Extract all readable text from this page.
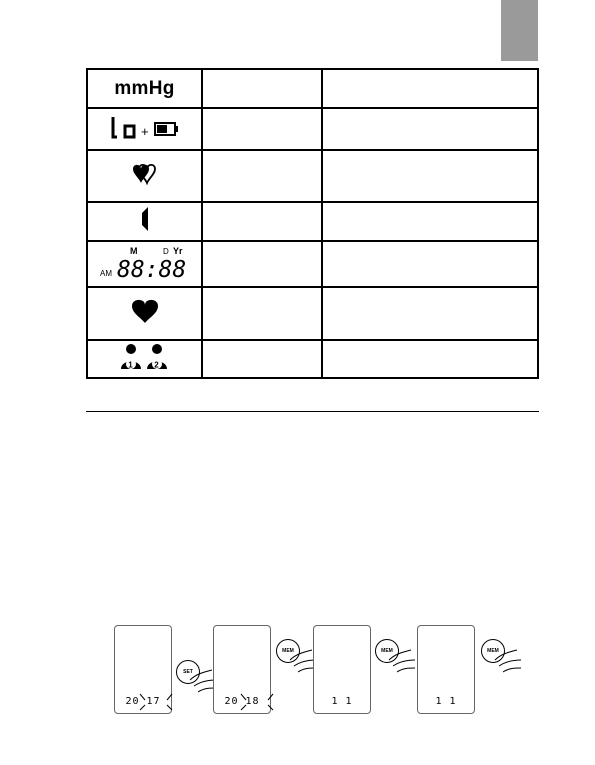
mmHg		

+		

M D Yr
AM 88:88		

1 2		

20 17
SET
20 18
MEM
1 1
MEM
1 1
MEM
